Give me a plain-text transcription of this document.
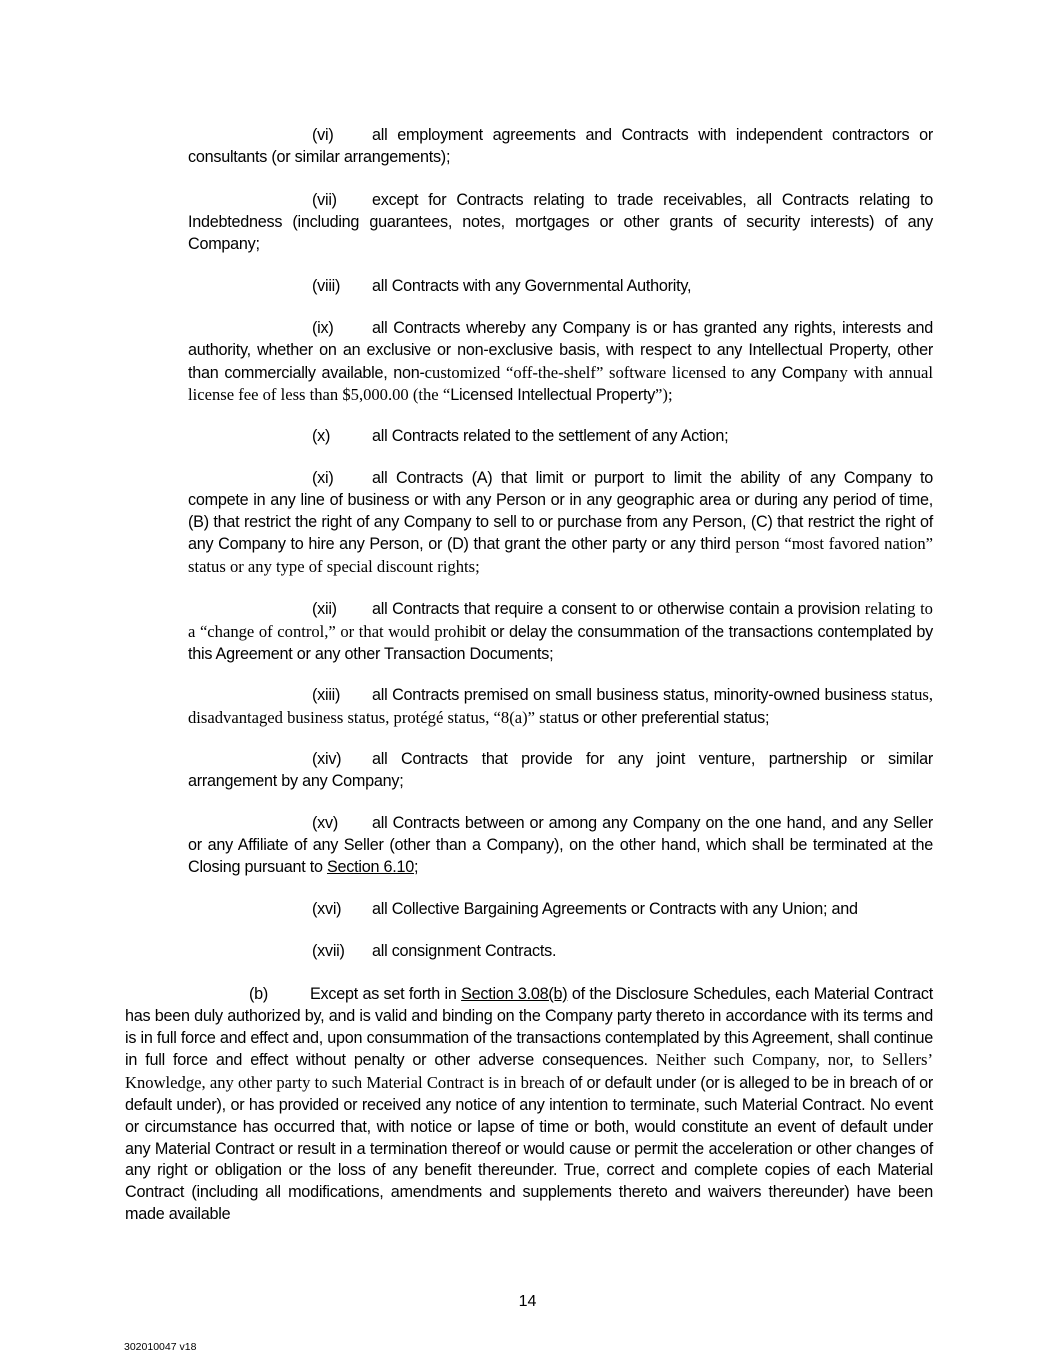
(vi) all employment agreements and Contracts with independent contractors or consultants (or similar arrangements);
(vii) except for Contracts relating to trade receivables, all Contracts relating to Indebtedness (including guarantees, notes, mortgages or other grants of security interests) of any Company;
(viii) all Contracts with any Governmental Authority,
(ix) all Contracts whereby any Company is or has granted any rights, interests and authority, whether on an exclusive or non-exclusive basis, with respect to any Intellectual Property, other than commercially available, non-customized “off-the-shelf” software licensed to any Company with annual license fee of less than $5,000.00 (the “Licensed Intellectual Property”);
(x)	all Contracts related to the settlement of any Action;
(xi) all Contracts (A) that limit or purport to limit the ability of any Company to compete in any line of business or with any Person or in any geographic area or during any period of time, (B) that restrict the right of any Company to sell to or purchase from any Person, (C) that restrict the right of any Company to hire any Person, or (D) that grant the other party or any third person “most favored nation” status or any type of special discount rights;
(xii) all Contracts that require a consent to or otherwise contain a provision relating to a “change of control,” or that would prohibit or delay the consummation of the transactions contemplated by this Agreement or any other Transaction Documents;
(xiii) all Contracts premised on small business status, minority-owned business status, disadvantaged business status, protégé status, “8(a)” status or other preferential status;
(xiv) all Contracts that provide for any joint venture, partnership or similar arrangement by any Company;
(xv) all Contracts between or among any Company on the one hand, and any Seller or any Affiliate of any Seller (other than a Company), on the other hand, which shall be terminated at the Closing pursuant to Section 6.10;
(xvi) all Collective Bargaining Agreements or Contracts with any Union; and
(xvii) all consignment Contracts.
(b)	Except as set forth in Section 3.08(b) of the Disclosure Schedules, each Material Contract has been duly authorized by, and is valid and binding on the Company party thereto in accordance with its terms and is in full force and effect and, upon consummation of the transactions contemplated by this Agreement, shall continue in full force and effect without penalty or other adverse consequences. Neither such Company, nor, to Sellers’ Knowledge, any other party to such Material Contract is in breach of or default under (or is alleged to be in breach of or default under), or has provided or received any notice of any intention to terminate, such Material Contract. No event or circumstance has occurred that, with notice or lapse of time or both, would constitute an event of default under any Material Contract or result in a termination thereof or would cause or permit the acceleration or other changes of any right or obligation or the loss of any benefit thereunder. True, correct and complete copies of each Material Contract (including all modifications, amendments and supplements thereto and waivers thereunder) have been made available
14
302010047 v18
